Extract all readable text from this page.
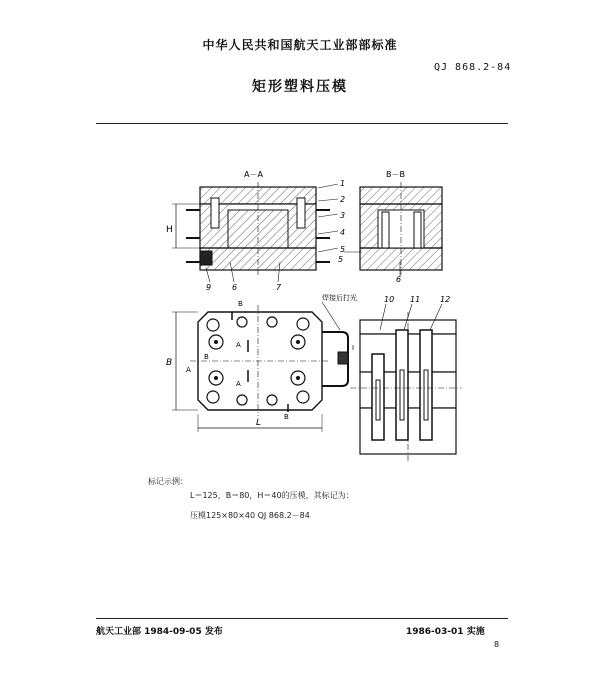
中华人民共和国航天工业部部标准
QJ 868.2-84
矩形塑料压模
A－A
H
1
2
3
4
5
9	6	7
B－B
5
6
B
L
B
B
A
A
B
A
I
焊接后打光	10 11 12
标记示例：
L＝125，B＝80，H＝40的压模，其标记为：
压模125×80×40 QJ 868.2－84
航天工业部 1984-09-05 发布	1986-03-01 实施
8
